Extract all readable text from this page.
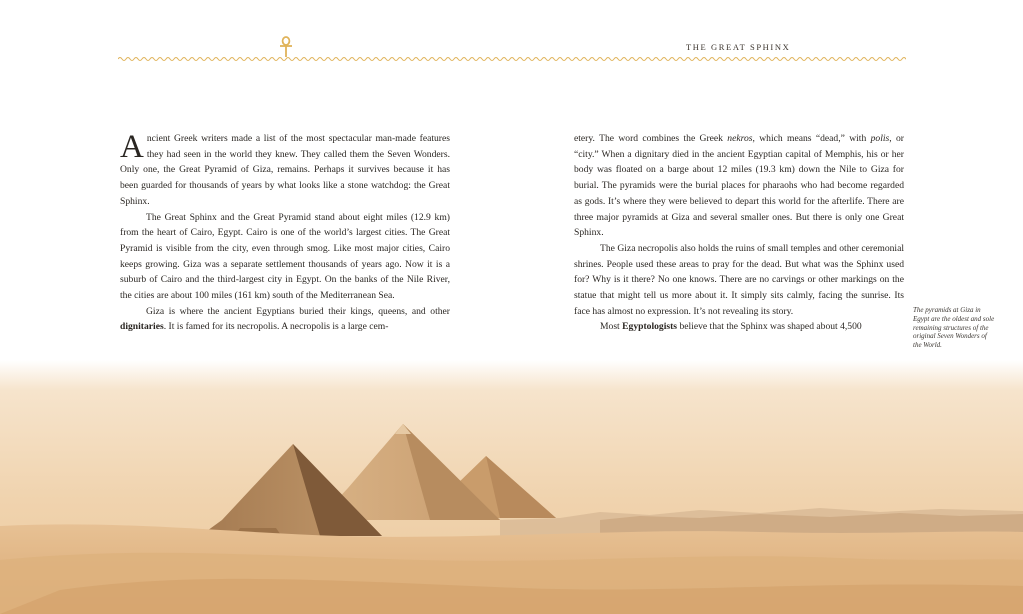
THE GREAT SPHINX

Ancient Greek writers made a list of the most spectacular man-made features they had seen in the world they knew. They called them the Seven Wonders. Only one, the Great Pyramid of Giza, remains. Perhaps it survives because it has been guarded for thousands of years by what looks like a stone watchdog: the Great Sphinx.

The Great Sphinx and the Great Pyramid stand about eight miles (12.9 km) from the heart of Cairo, Egypt. Cairo is one of the world’s largest cities. The Great Pyramid is visible from the city, even through smog. Like most major cities, Cairo keeps growing. Giza was a separate settlement thousands of years ago. Now it is a suburb of Cairo and the third-largest city in Egypt. On the banks of the Nile River, the cities are about 100 miles (161 km) south of the Mediterranean Sea.

Giza is where the ancient Egyptians buried their kings, queens, and other dignitaries. It is famed for its necropolis. A necropolis is a large cem-

etery. The word combines the Greek nekros, which means “dead,” with polis, or “city.” When a dignitary died in the ancient Egyptian capital of Memphis, his or her body was floated on a barge about 12 miles (19.3 km) down the Nile to Giza for burial. The pyramids were the burial places for pharaohs who had become regarded as gods. It’s where they were believed to depart this world for the afterlife. There are three major pyramids at Giza and several smaller ones. But there is only one Great Sphinx.

The Giza necropolis also holds the ruins of small temples and other ceremonial shrines. People used these areas to pray for the dead. But what was the Sphinx used for? Why is it there? No one knows. There are no carvings or other markings on the statue that might tell us more about it. It simply sits calmly, facing the sunrise. Its face has almost no expression. It’s not revealing its story.

Most Egyptologists believe that the Sphinx was shaped about 4,500

The pyramids at Giza in Egypt are the oldest and sole remaining structures of the original Seven Wonders of the World.
